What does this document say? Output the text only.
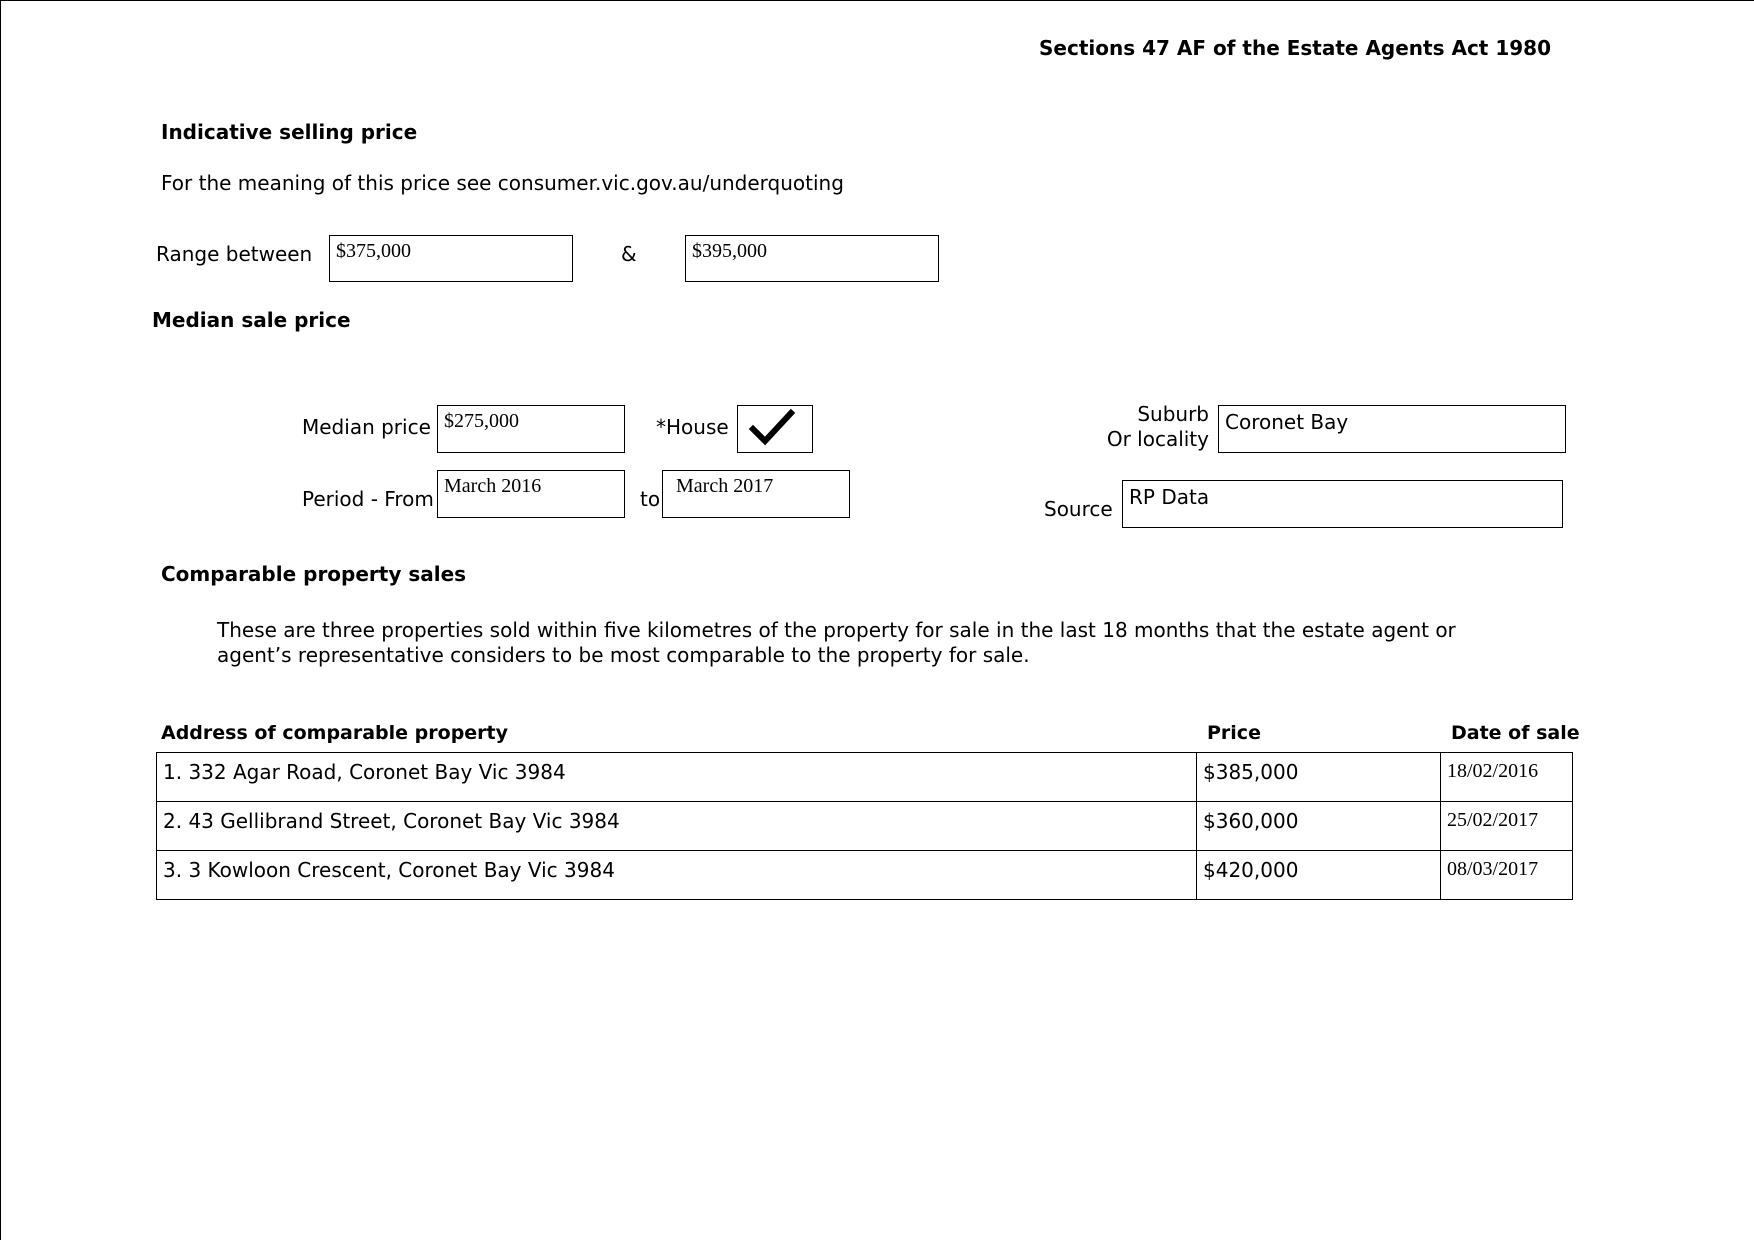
Sections 47 AF of the Estate Agents Act 1980
Indicative selling price
For the meaning of this price see consumer.vic.gov.au/underquoting
Range between	$375,000	&	$395,000
Median sale price
Median price $275,000	*House
Suburb
Or locality
Coronet Bay
Period - From
March 2016
to
March 2017
Source RP Data
Comparable property sales
These are three properties sold within five kilometres of the property for sale in the last 18 months that the estate agent or
agent’s representative considers to be most comparable to the property for sale.
Address of comparable property	Price	Date of sale
1. 332 Agar Road, Coronet Bay Vic 3984	$385,000	18/02/2016
2. 43 Gellibrand Street, Coronet Bay Vic 3984	$360,000	25/02/2017
3. 3 Kowloon Crescent, Coronet Bay Vic 3984	$420,000	08/03/2017
